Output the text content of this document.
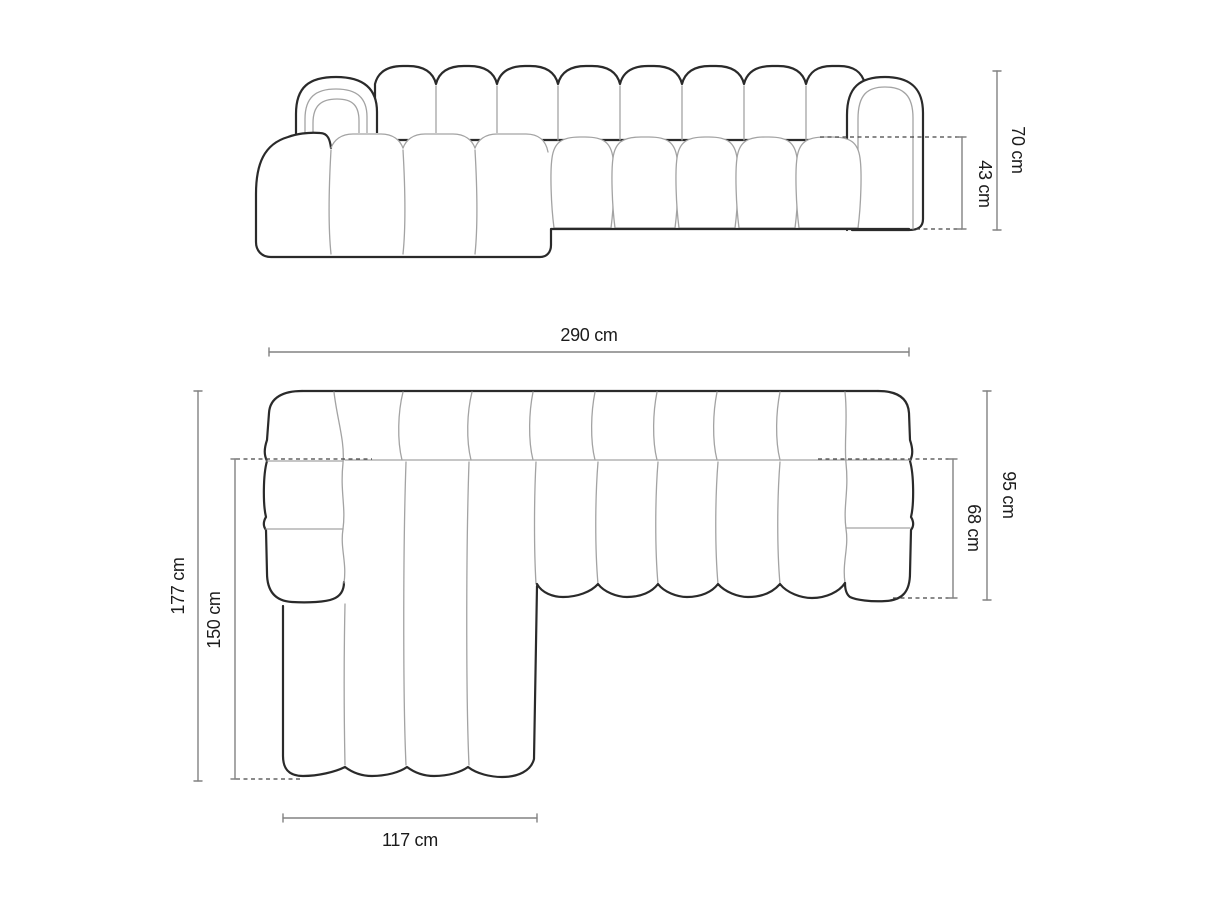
43 cm
70 cm
290 cm
177 cm
150 cm
95 cm
68 cm
117 cm
